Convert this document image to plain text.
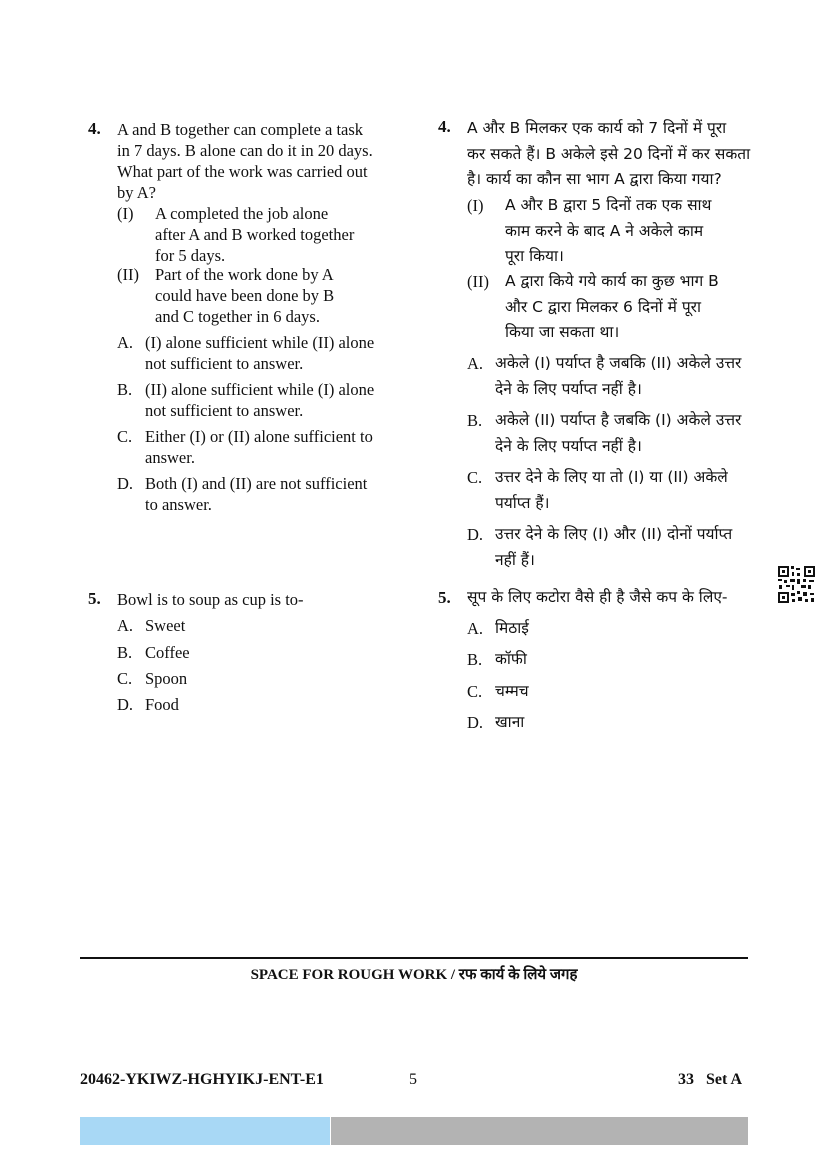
4. A and B together can complete a task
in 7 days. B alone can do it in 20 days.
What part of the work was carried out
by A?
(I) A completed the job alone
after A and B worked together
for 5 days.
(II) Part of the work done by A
could have been done by B
and C together in 6 days.
A. (I) alone sufficient while (II) alone
not sufficient to answer.
B. (II) alone sufficient while (I) alone
not sufficient to answer.
C. Either (I) or (II) alone sufficient to
answer.
D. Both (I) and (II) are not sufficient
to answer.
5. Bowl is to soup as cup is to-
A. Sweet
B. Coffee
C. Spoon
D. Food
4. A और B मिलकर एक कार्य को 7 दिनों में पूरा
कर सकते हैं। B अकेले इसे 20 दिनों में कर सकता
है। कार्य का कौन सा भाग A द्वारा किया गया?
(I) A और B द्वारा 5 दिनों तक एक साथ
काम करने के बाद A ने अकेले काम
पूरा किया।
(II) A द्वारा किये गये कार्य का कुछ भाग B
और C द्वारा मिलकर 6 दिनों में पूरा
किया जा सकता था।
A. अकेले (I) पर्याप्त है जबकि (II) अकेले उत्तर
देने के लिए पर्याप्त नहीं है।
B. अकेले (II) पर्याप्त है जबकि (I) अकेले उत्तर
देने के लिए पर्याप्त नहीं है।
C. उत्तर देने के लिए या तो (I) या (II) अकेले
पर्याप्त हैं।
D. उत्तर देने के लिए (I) और (II) दोनों पर्याप्त
नहीं हैं।
5. सूप के लिए कटोरा वैसे ही है जैसे कप के लिए-
A. मिठाई
B. कॉफी
C. चम्मच
D. खाना
SPACE FOR ROUGH WORK / रफ कार्य के लिये जगह
20462-YKIWZ-HGHYIKJ-ENT-E1	5	33   Set A
